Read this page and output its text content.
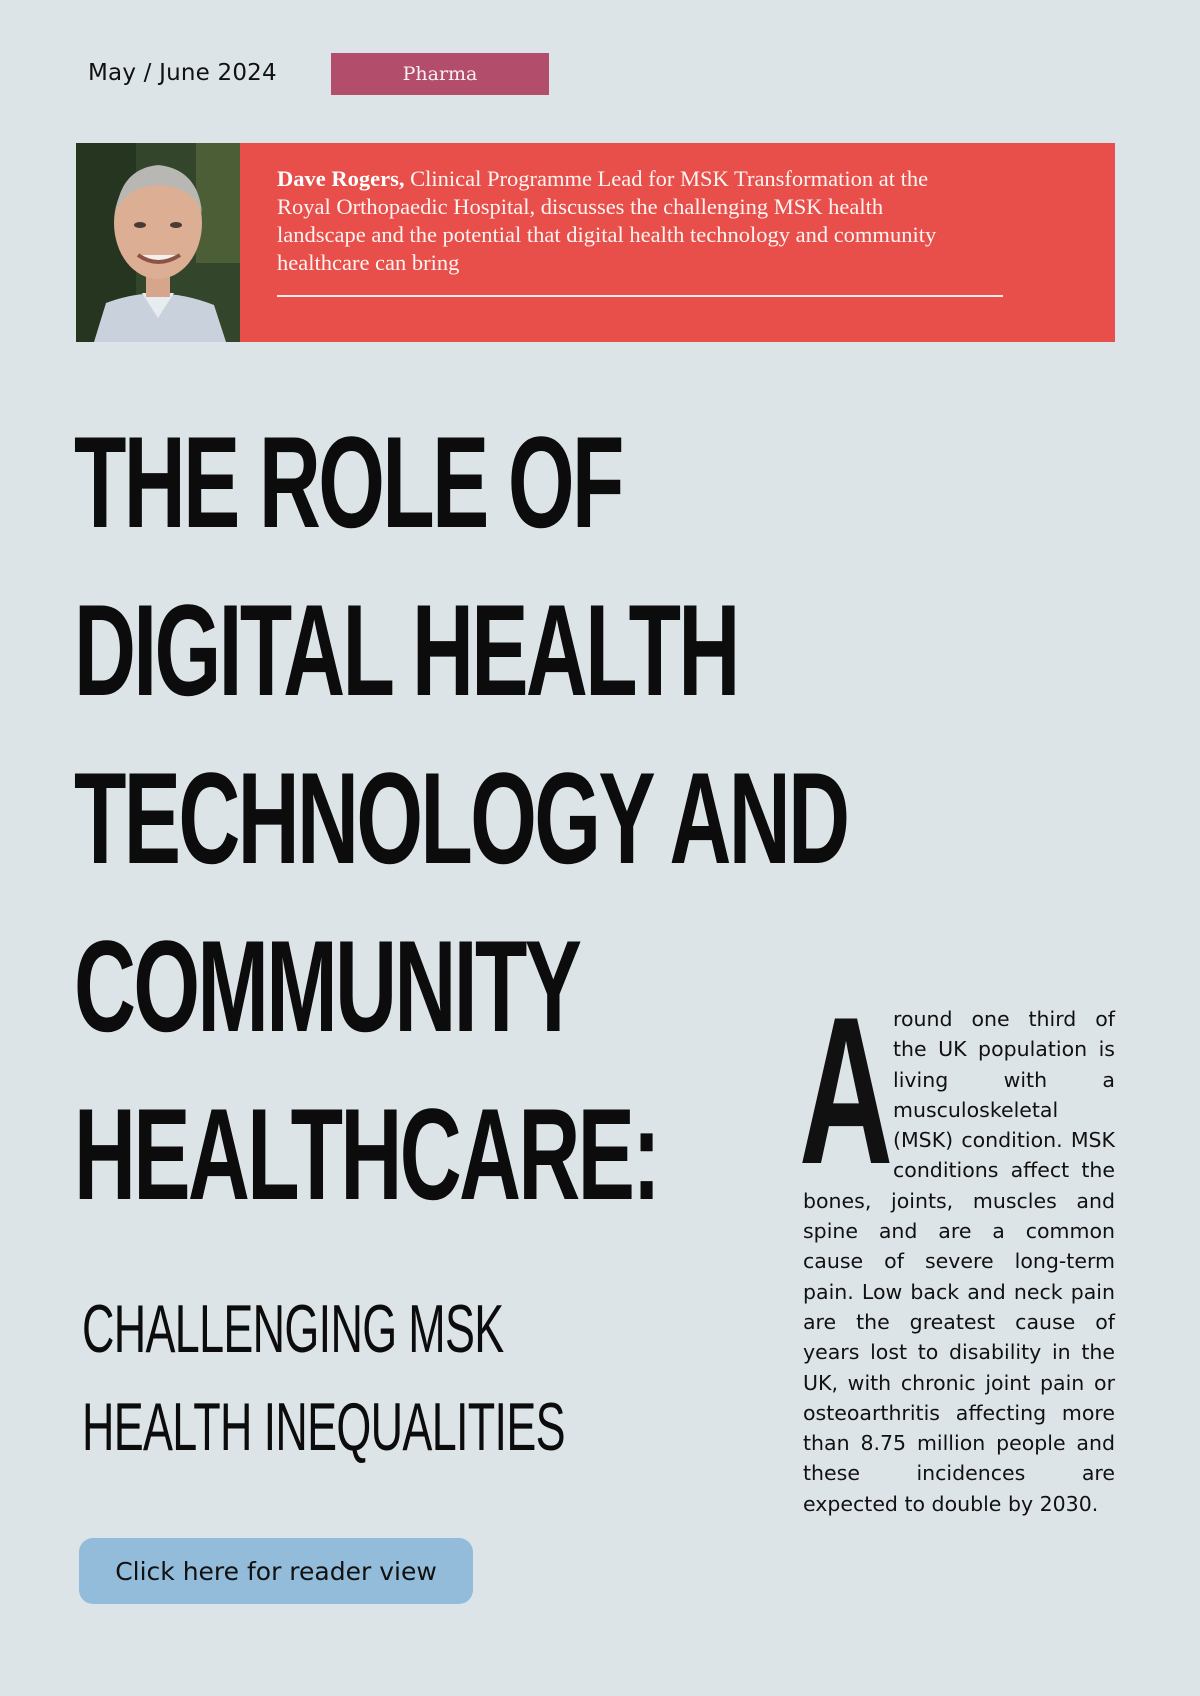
May / June 2024	Pharma

Dave Rogers, Clinical Programme Lead for MSK Transformation at the Royal Orthopaedic Hospital, discusses the challenging MSK health landscape and the potential that digital health technology and community healthcare can bring

THE ROLE OF
DIGITAL HEALTH
TECHNOLOGY AND
COMMUNITY
HEALTHCARE:
CHALLENGING MSK
HEALTH INEQUALITIES
Click here for reader view
A round one third of the UK population is living with a musculoskeletal (MSK) condition. MSK conditions affect the bones, joints, muscles and spine and are a common cause of severe long-term pain. Low back and neck pain are the greatest cause of years lost to disability in the UK, with chronic joint pain or osteoarthritis affecting more than 8.75 million people and these incidences are expected to double by 2030.
